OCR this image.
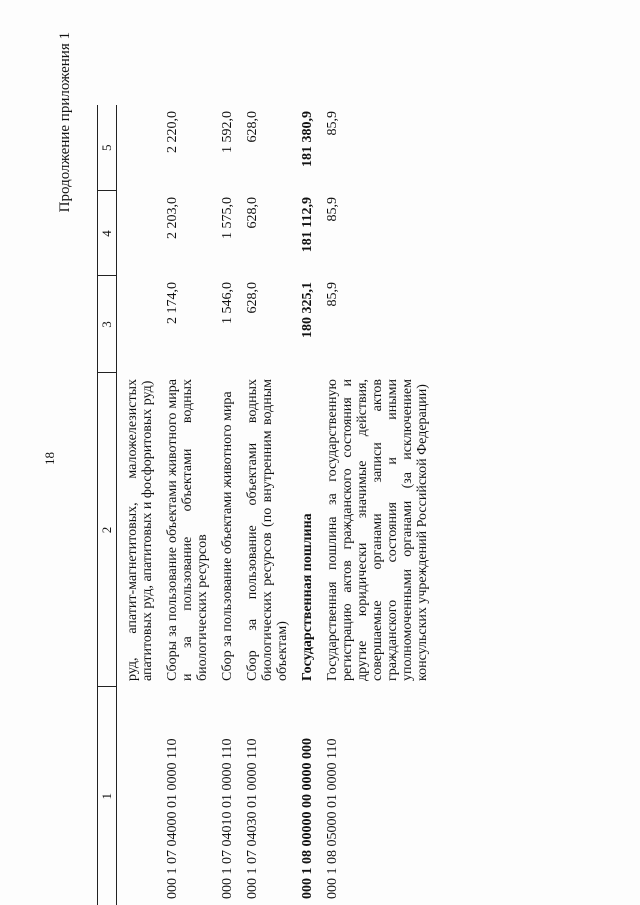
18
Продолжение приложения 1
1	2	3	4	5
	руд, апатит-магнетитовых, маложелезистых апатитовых руд, апатитовых и фосфоритовых руд)			
000 1 07 04000 01 0000 110	Сборы за пользование объектами животного мира и за пользование объектами водных биологических ресурсов	2 174,0	2 203,0	2 220,0
000 1 07 04010 01 0000 110	Сбор за пользование объектами животного мира	1 546,0	1 575,0	1 592,0
000 1 07 04030 01 0000 110	Сбор за пользование объектами водных биологических ресурсов (по внутренним водным объектам)	628,0	628,0	628,0
000 1 08 00000 00 0000 000	Государственная пошлина	180 325,1	181 112,9	181 380,9
000 1 08 05000 01 0000 110	Государственная пошлина за государственную регистрацию актов гражданского состояния и другие юридически значимые действия, совершаемые органами записи актов гражданского состояния и иными уполномоченными органами (за исключением консульских учреждений Российской Федерации)	85,9	85,9	85,9
